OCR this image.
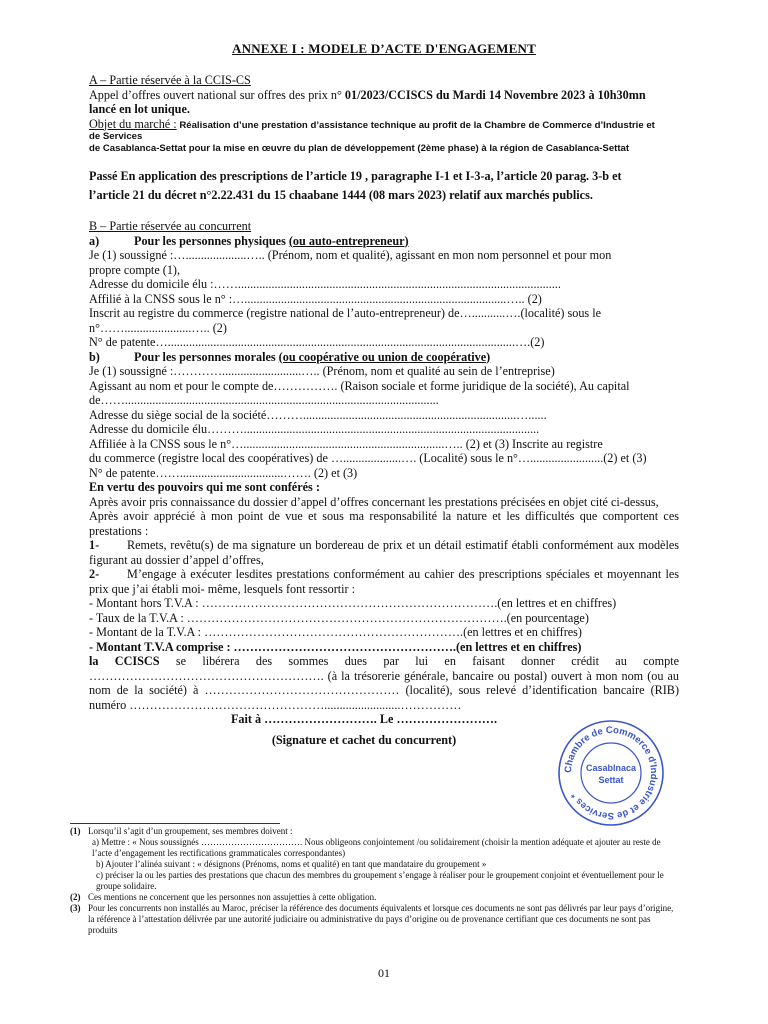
ANNEXE I : MODELE D’ACTE D'ENGAGEMENT
A – Partie réservée à la CCIS-CS
Appel d’offres ouvert national sur offres des prix n° 01/2023/CCISCS du Mardi 14 Novembre 2023 à 10h30mn
lancé en lot unique.
Objet du marché : Réalisation d’une prestation d’assistance technique au profit de la Chambre de Commerce d’Industrie et
de Services
de Casablanca-Settat pour la mise en œuvre du plan de développement (2ème phase) à la région de Casablanca-Settat
Passé En application des prescriptions de l’article 19 , paragraphe I-1 et I-3-a, l’article 20 parag. 3-b et
l’article 21 du décret n°2.22.431 du 15 chaabane 1444 (08 mars 2023) relatif aux marchés publics.
B – Partie réservée au concurrent
a)	Pour les personnes physiques (ou auto-entrepreneur)
Je (1) soussigné :…....................….. (Prénom, nom et qualité), agissant en mon nom personnel et pour mon
propre compte (1),
Adresse du domicile élu :……..........................................................................................................
Affilié à la CNSS sous le n° :…......................................................................................….. (2)
Inscrit au registre du commerce (registre national de l’auto-entrepreneur) de…...........….(localité) sous le
n°……......................….. (2)
N° de patente…..................................................................................................................….(2)
b)	Pour les personnes morales (ou coopérative ou union de coopérative)
Je (1) soussigné :…………..........................….. (Prénom, nom et qualité au sein de l’entreprise)
Agissant au nom et pour le compte de……………. (Raison sociale et forme juridique de la société), Au capital
de…….......................................................................................................
Adresse du siège social de la société………......................................................................…......
Adresse du domicile élu……….................................................................................................
Affiliée à la CNSS sous le n°…..................................................................….. (2) et (3) Inscrite au registre
du commerce (registre local des coopératives) de …...................…. (Localité) sous le n°…........................(2) et (3)
N° de patente……..................................……. (2) et (3)
En vertu des pouvoirs qui me sont conférés :
Après avoir pris connaissance du dossier d’appel d’offres concernant les prestations précisées en objet cité ci-dessus,
Après avoir apprécié à mon point de vue et sous ma responsabilité la nature et les difficultés que comportent ces prestations :
1- Remets, revêtu(s) de ma signature un bordereau de prix et un détail estimatif établi conformément aux modèles figurant au dossier d’appel d’offres,
2- M’engage à exécuter lesdites prestations conformément au cahier des prescriptions spéciales et moyennant les prix que j’ai établi moi- même, lesquels font ressortir :
- Montant hors T.V.A : ……………………………………………………………….(en lettres et en chiffres)
- Taux de la T.V.A : …………………………………………………………………….(en pourcentage)
- Montant de la T.V.A : ……………………………………………………….(en lettres et en chiffres)
- Montant T.V.A comprise : ……………………………………………….(en lettres et en chiffres)
la CCISCS se libérera des sommes dues par lui en faisant donner crédit au compte …………………………………………………. (à la trésorerie générale, bancaire ou postal) ouvert à mon nom (ou au nom de la société) à ………………………………………… (localité), sous relevé d’identification bancaire (RIB) numéro ………………………………………….........................……………
Fait à ………………………. Le …………………….
(Signature et cachet du concurrent)
Chambre de Commerce d'Industrie et de Services *
Casablnaca
Settat
(1) Lorsqu’il s’agit d’un groupement, ses membres doivent :
a) Mettre : « Nous soussignés ……………………………. Nous obligeons conjointement /ou solidairement (choisir la mention adéquate et ajouter au reste de l’acte d’engagement les rectifications grammaticales correspondantes)
b) Ajouter l’alinéa suivant : « désignons (Prénoms, noms et qualité) en tant que mandataire du groupement »
c) préciser la ou les parties des prestations que chacun des membres du groupement s’engage à réaliser pour le groupement conjoint et éventuellement pour le groupe solidaire.
(2) Ces mentions ne concernent que les personnes non assujetties à cette obligation.
(3) Pour les concurrents non installés au Maroc, préciser la référence des documents équivalents et lorsque ces documents ne sont pas délivrés par leur pays d’origine, la référence à l’attestation délivrée par une autorité judiciaire ou administrative du pays d’origine ou de provenance certifiant que ces documents ne sont pas produits
01
